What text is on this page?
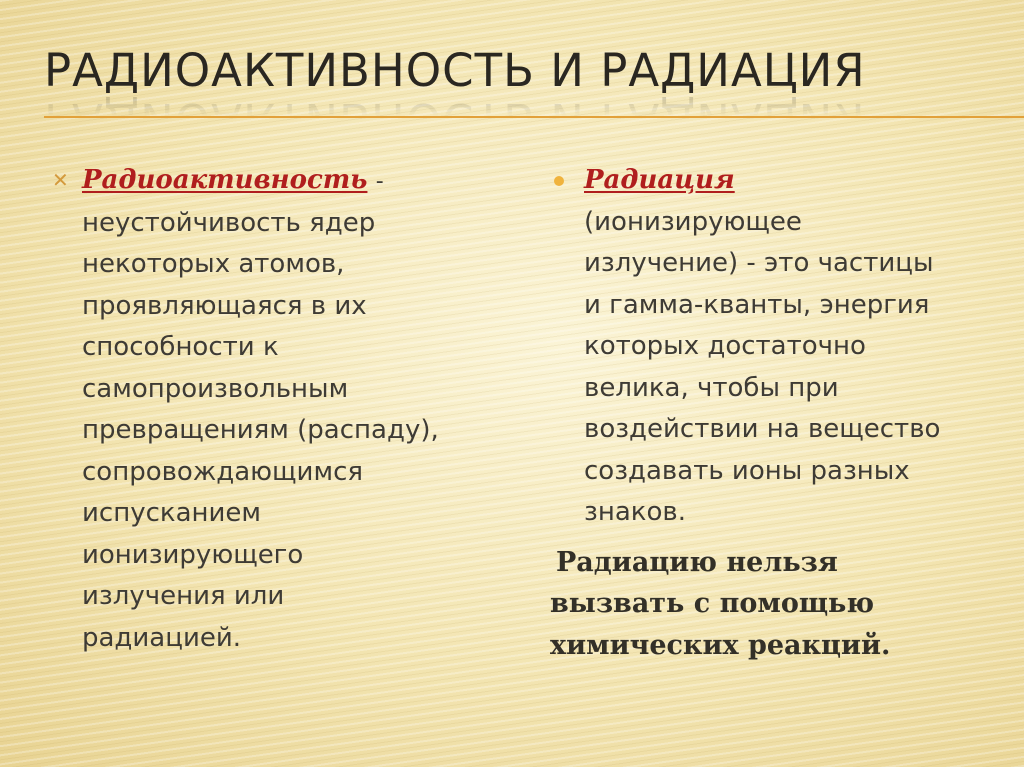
РАДИОАКТИВНОСТЬ И РАДИАЦИЯ
✕ Радиоактивность -
неустойчивость ядер
некоторых атомов,
проявляющаяся в их
способности к
самопроизвольным
превращениям (распаду),
сопровождающимся
испусканием
ионизирующего
излучения или
радиацией.
Радиация
(ионизирующее
излучение) - это частицы
и гамма-кванты, энергия
которых достаточно
велика, чтобы при
воздействии на вещество
создавать ионы разных
знаков.
Радиацию нельзя
вызвать с помощью
химических реакций.
